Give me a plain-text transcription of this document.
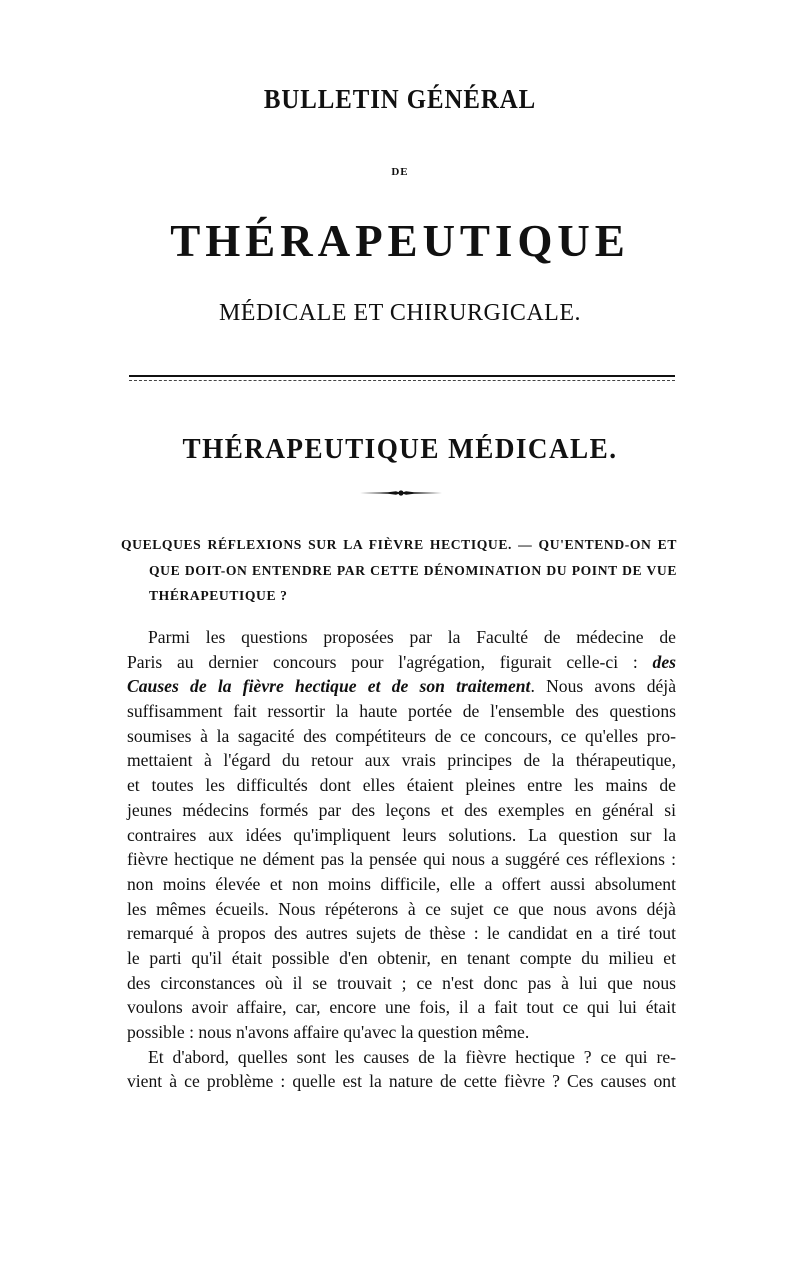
BULLETIN GÉNÉRAL
DE
THÉRAPEUTIQUE
MÉDICALE ET CHIRURGICALE.
THÉRAPEUTIQUE MÉDICALE.
QUELQUES RÉFLEXIONS SUR LA FIÈVRE HECTIQUE. — QU'ENTEND-ON ET
QUE DOIT-ON ENTENDRE PAR CETTE DÉNOMINATION DU POINT DE VUE
THÉRAPEUTIQUE ?
Parmi les questions proposées par la Faculté de médecine de
Paris au dernier concours pour l'agrégation, figurait celle-ci : des
Causes de la fièvre hectique et de son traitement. Nous avons déjà
suffisamment fait ressortir la haute portée de l'ensemble des questions
soumises à la sagacité des compétiteurs de ce concours, ce qu'elles pro-
mettaient à l'égard du retour aux vrais principes de la thérapeutique,
et toutes les difficultés dont elles étaient pleines entre les mains de
jeunes médecins formés par des leçons et des exemples en général si
contraires aux idées qu'impliquent leurs solutions. La question sur la
fièvre hectique ne dément pas la pensée qui nous a suggéré ces réflexions :
non moins élevée et non moins difficile, elle a offert aussi absolument
les mêmes écueils. Nous répéterons à ce sujet ce que nous avons déjà
remarqué à propos des autres sujets de thèse : le candidat en a tiré tout
le parti qu'il était possible d'en obtenir, en tenant compte du milieu et
des circonstances où il se trouvait ; ce n'est donc pas à lui que nous
voulons avoir affaire, car, encore une fois, il a fait tout ce qui lui était
possible : nous n'avons affaire qu'avec la question même.
Et d'abord, quelles sont les causes de la fièvre hectique ? ce qui re-
vient à ce problème : quelle est la nature de cette fièvre ? Ces causes ont
